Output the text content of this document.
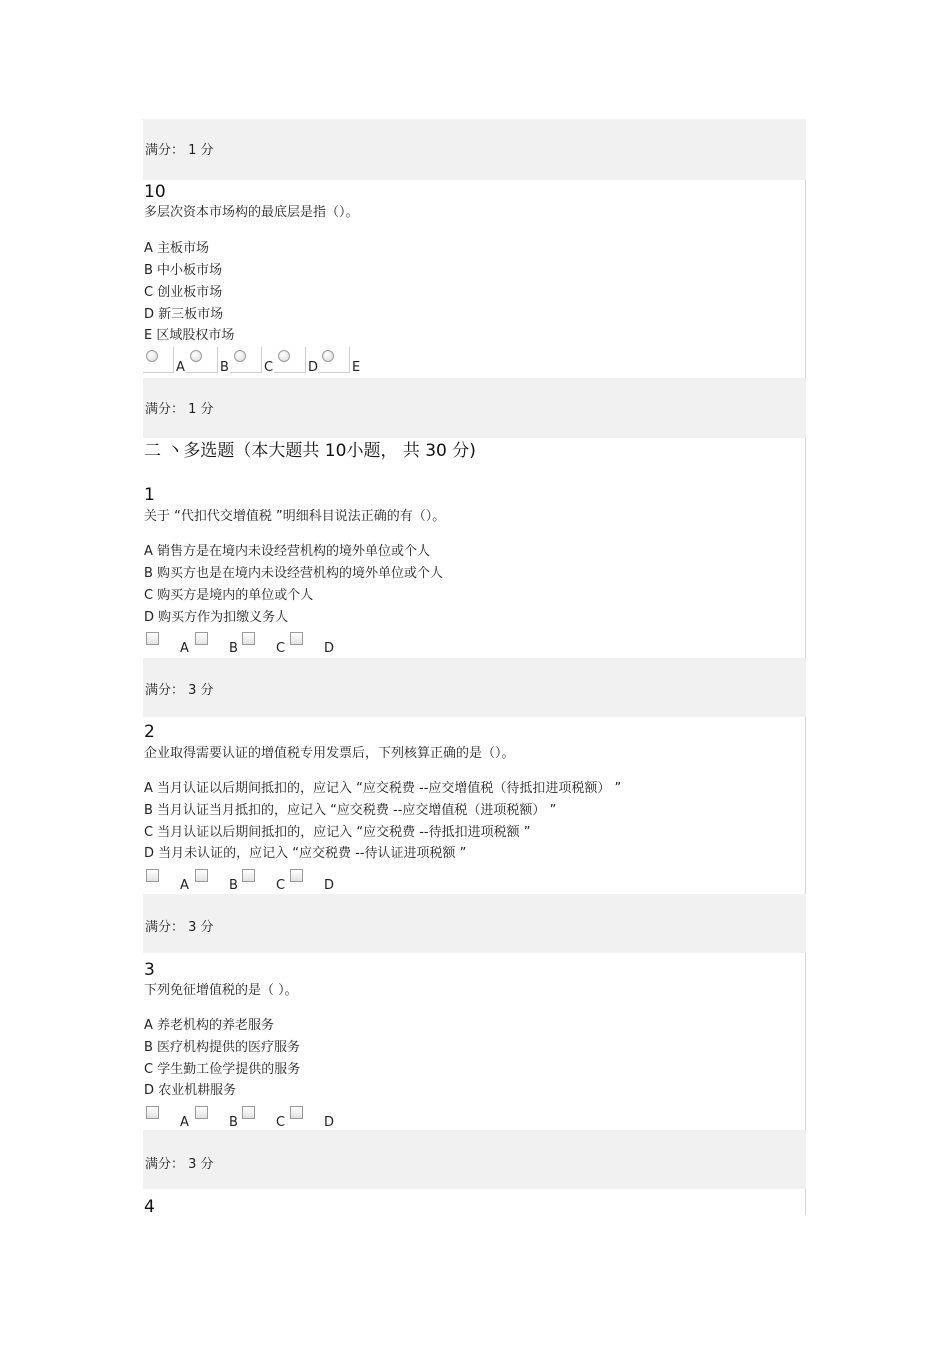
满分： 1 分
10
多层次资本市场构的最底层是指（）。
A 主板市场
B 中小板市场
C 创业板市场
D 新三板市场
E 区域股权市场
A	B	C	D	E
满分： 1 分
二 丶多选题（本大题共 10小题， 共 30 分)
1
关于 “代扣代交增值税 ”明细科目说法正确的有（）。
A 销售方是在境内未设经营机构的境外单位或个人
B 购买方也是在境内未设经营机构的境外单位或个人
C 购买方是境内的单位或个人
D 购买方作为扣缴义务人
A	B	C	D
满分： 3 分
2
企业取得需要认证的增值税专用发票后，下列核算正确的是（）。
A 当月认证以后期间抵扣的，应记入 “应交税费 --应交增值税（待抵扣进项税额） ”
B 当月认证当月抵扣的，应记入 “应交税费 --应交增值税（进项税额） ”
C 当月认证以后期间抵扣的，应记入 “应交税费 --待抵扣进项税额 ”
D 当月未认证的，应记入 “应交税费 --待认证进项税额 ”
A	B	C	D
满分： 3 分
3
下列免征增值税的是（ ）。
A 养老机构的养老服务
B 医疗机构提供的医疗服务
C 学生勤工俭学提供的服务
D 农业机耕服务
A	B	C	D
满分： 3 分
4
